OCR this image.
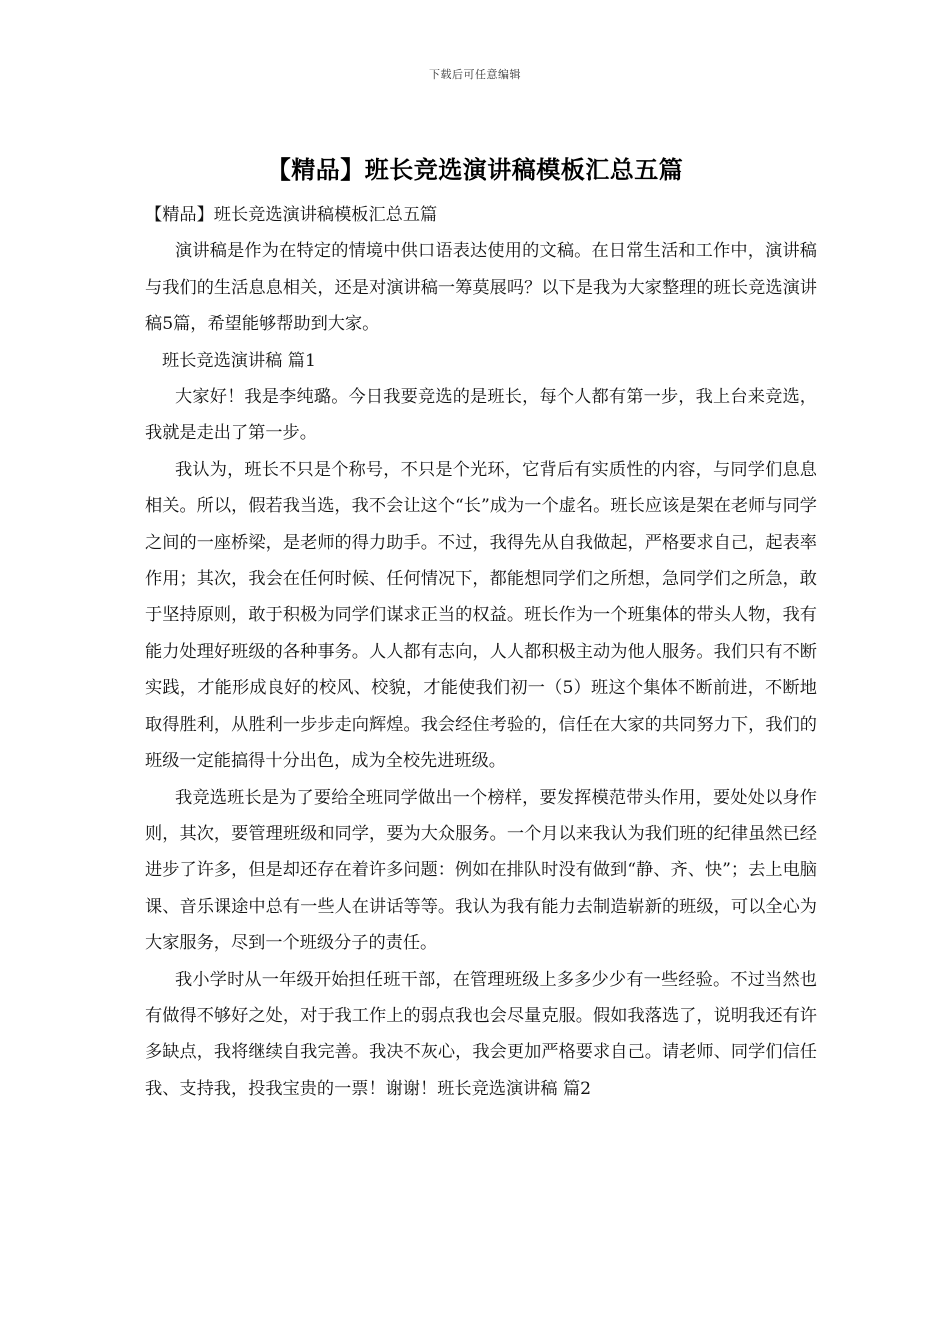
下载后可任意编辑
【精品】班长竞选演讲稿模板汇总五篇

【精品】班长竞选演讲稿模板汇总五篇

演讲稿是作为在特定的情境中供口语表达使用的文稿。在日常生活和工作中，演讲稿与我们的生活息息相关，还是对演讲稿一筹莫展吗？以下是我为大家整理的班长竞选演讲稿5篇，希望能够帮助到大家。

班长竞选演讲稿 篇1

大家好！我是李纯璐。今日我要竞选的是班长，每个人都有第一步，我上台来竞选，我就是走出了第一步。

我认为，班长不只是个称号，不只是个光环，它背后有实质性的内容，与同学们息息相关。所以，假若我当选，我不会让这个“长”成为一个虚名。班长应该是架在老师与同学之间的一座桥梁，是老师的得力助手。不过，我得先从自我做起，严格要求自己，起表率作用；其次，我会在任何时候、任何情况下，都能想同学们之所想，急同学们之所急，敢于坚持原则，敢于积极为同学们谋求正当的权益。班长作为一个班集体的带头人物，我有能力处理好班级的各种事务。人人都有志向，人人都积极主动为他人服务。我们只有不断实践，才能形成良好的校风、校貌，才能使我们初一（5）班这个集体不断前进，不断地取得胜利，从胜利一步步走向辉煌。我会经住考验的，信任在大家的共同努力下，我们的班级一定能搞得十分出色，成为全校先进班级。

我竞选班长是为了要给全班同学做出一个榜样，要发挥模范带头作用，要处处以身作则，其次，要管理班级和同学，要为大众服务。一个月以来我认为我们班的纪律虽然已经进步了许多，但是却还存在着许多问题：例如在排队时没有做到“静、齐、快”；去上电脑课、音乐课途中总有一些人在讲话等等。我认为我有能力去制造崭新的班级，可以全心为大家服务，尽到一个班级分子的责任。

我小学时从一年级开始担任班干部，在管理班级上多多少少有一些经验。不过当然也有做得不够好之处，对于我工作上的弱点我也会尽量克服。假如我落选了，说明我还有许多缺点，我将继续自我完善。我决不灰心，我会更加严格要求自己。请老师、同学们信任我、支持我，投我宝贵的一票！谢谢！班长竞选演讲稿 篇2
